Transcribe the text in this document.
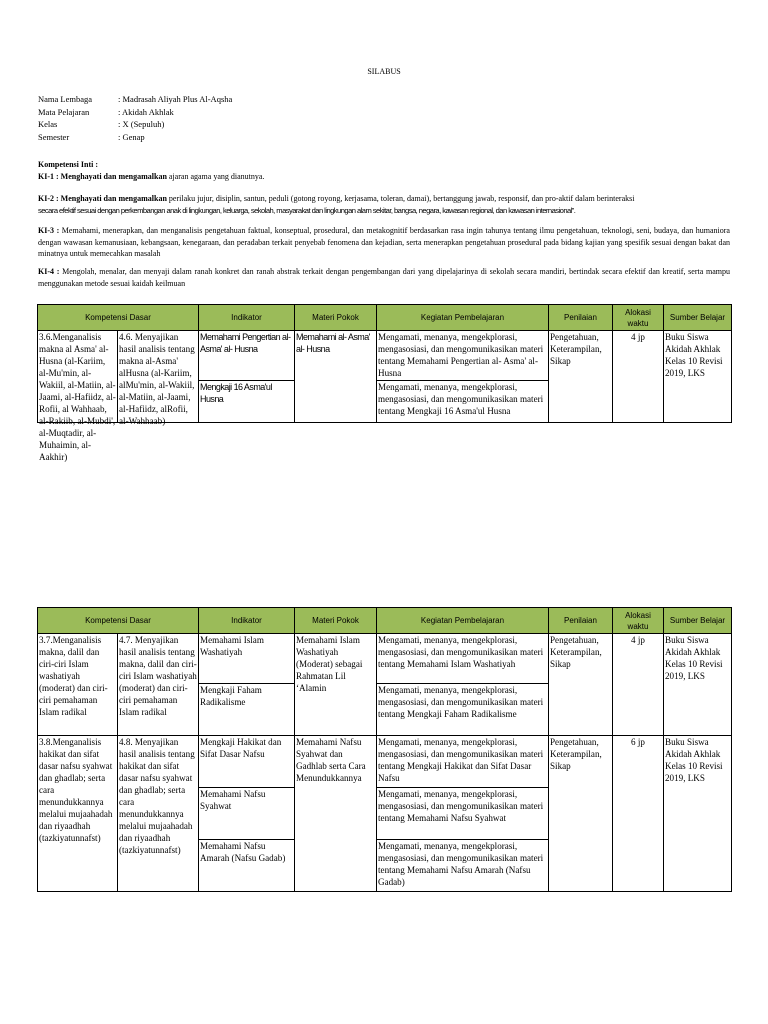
SILABUS
Nama Lembaga	: Madrasah Aliyah Plus Al-Aqsha
Mata Pelajaran	: Akidah Akhlak
Kelas	: X (Sepuluh)
Semester	: Genap
Kompetensi Inti :
KI-1 : Menghayati dan mengamalkan ajaran agama yang dianutnya.
KI-2 : Menghayati dan mengamalkan perilaku jujur, disiplin, santun, peduli (gotong royong, kerjasama, toleran, damai), bertanggung jawab, responsif, dan pro-aktif dalam berinteraksi
secara efektif sesuai dengan perkembangan anak di lingkungan, keluarga, sekolah, masyarakat dan lingkungan alam sekitar, bangsa, negara, kawasan regional, dan kawasan internasional”.
KI-3 : Memahami, menerapkan, dan menganalisis pengetahuan faktual, konseptual, prosedural, dan metakognitif berdasarkan rasa ingin tahunya tentang ilmu pengetahuan, teknologi, seni, budaya, dan humaniora dengan wawasan kemanusiaan, kebangsaan, kenegaraan, dan peradaban terkait penyebab fenomena dan kejadian, serta menerapkan pengetahuan prosedural pada bidang kajian yang spesifik sesuai dengan bakat dan minatnya untuk memecahkan masalah
KI-4 : Mengolah, menalar, dan menyaji dalam ranah konkret dan ranah abstrak terkait dengan pengembangan dari yang dipelajarinya di sekolah secara mandiri, bertindak secara efektif dan kreatif, serta mampu menggunakan metode sesuai kaidah keilmuan
Kompetensi Dasar		Indikator	Materi Pokok	Kegiatan Pembelajaran	Penilaian	Alokasi waktu	Sumber Belajar

3.6.Menganalisis makna al Asma' al-Husna (al-Kariim, al-Mu'min, al-Wakiil, al-Matiin, al-Jaami, al-Hafiidz, al-Rofii, al Wahhaab, al-Rakiib, al-Mubdi', al-Muqtadir, al-Muhaimin, al-Aakhir)	4.6. Menyajikan hasil analisis tentang makna al-Asma' alHusna (al-Kariim, alMu'min, al-Wakiil, al-Matiin, al-Jaami, al-Hafiidz, alRofii, al-Wahhaab)	Memahami Pengertian al- Asma' al- Husna	Memahami al- Asma' al- Husna	Mengamati, menanya, mengekplorasi, mengasosiasi, dan mengomunikasikan materi tentang Memahami Pengertian al- Asma' al- Husna	Pengetahuan, Keterampilan, Sikap	4 jp	Buku Siswa Akidah Akhlak Kelas 10 Revisi 2019, LKS
		Mengkaji 16 Asma'ul Husna		Mengamati, menanya, mengekplorasi, mengasosiasi, dan mengomunikasikan materi tentang Mengkaji 16 Asma'ul Husna			
Kompetensi Dasar		Indikator	Materi Pokok	Kegiatan Pembelajaran	Penilaian	Alokasi waktu	Sumber Belajar
3.7.Menganalisis makna, dalil dan ciri-ciri Islam washatiyah (moderat) dan ciri-ciri pemahaman Islam radikal	4.7. Menyajikan hasil analisis tentang makna, dalil dan ciri-ciri Islam washatiyah (moderat) dan ciri-ciri pemahaman Islam radikal	Memahami Islam Washatiyah	Memahami Islam Washatiyah (Moderat) sebagai Rahmatan Lil ‘Alamin	Mengamati, menanya, mengekplorasi, mengasosiasi, dan mengomunikasikan materi tentang Memahami Islam Washatiyah	Pengetahuan, Keterampilan, Sikap	4 jp	Buku Siswa Akidah Akhlak Kelas 10 Revisi 2019, LKS
		Mengkaji Faham Radikalisme		Mengamati, menanya, mengekplorasi, mengasosiasi, dan mengomunikasikan materi tentang Mengkaji Faham Radikalisme			
3.8.Menganalisis hakikat dan sifat dasar nafsu syahwat dan ghadlab; serta cara menundukkannya melalui mujaahadah dan riyaadhah (tazkiyatunnafst)	4.8. Menyajikan hasil analisis tentang hakikat dan sifat dasar nafsu syahwat dan ghadlab; serta cara menundukkannya melalui mujaahadah dan riyaadhah (tazkiyatunnafst)	Mengkaji Hakikat dan Sifat Dasar Nafsu	Memahami Nafsu Syahwat dan Gadhlab serta Cara Menundukkannya	Mengamati, menanya, mengekplorasi, mengasosiasi, dan mengomunikasikan materi tentang Mengkaji Hakikat dan Sifat Dasar Nafsu	Pengetahuan, Keterampilan, Sikap	6 jp	Buku Siswa Akidah Akhlak Kelas 10 Revisi 2019, LKS
		Memahami Nafsu Syahwat		Mengamati, menanya, mengekplorasi, mengasosiasi, dan mengomunikasikan materi tentang Memahami Nafsu Syahwat			
		Memahami Nafsu Amarah (Nafsu Gadab)		Mengamati, menanya, mengekplorasi, mengasosiasi, dan mengomunikasikan materi tentang Memahami Nafsu Amarah (Nafsu Gadab)			
